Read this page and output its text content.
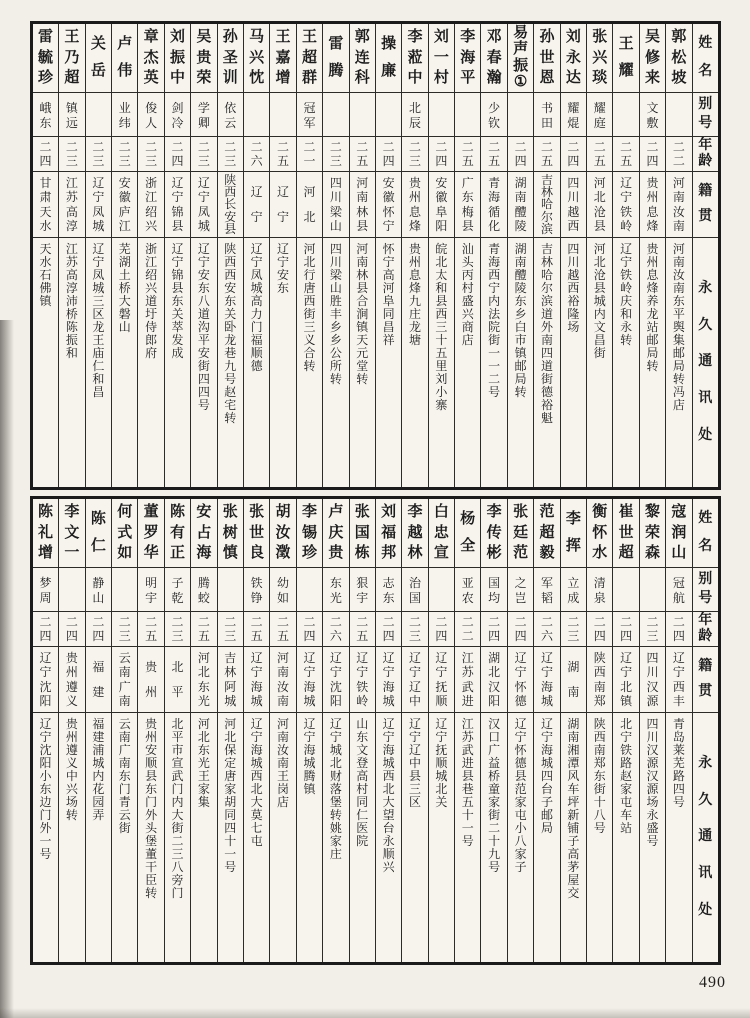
姓
名
别
号
年
龄
籍
贯
永
久
通
讯
处
郭
松
坡
二
二
河
南
汝
南
河
南
汝
南
东
平
舆
集
邮
局
转
冯
店
吴
修
来
文
敷
二
四
贵
州
息
烽
贵
州
息
烽
养
龙
站
邮
局
转
王
耀
二
五
辽
宁
铁
岭
辽
宁
铁
岭
庆
和
永
转
张
兴
琰
耀
庭
二
五
河
北
沧
县
河
北
沧
县
城
内
文
昌
街
刘
永
达
耀
焜
二
四
四
川
越
西
四
川
越
西
裕
隆
场
孙
世
恩
书
田
二
五
吉
林
哈
尔
滨
吉
林
哈
尔
滨
道
外
南
四
道
街
德
裕
魁
易
声
振
①
二
四
湖
南
醴
陵
湖
南
醴
陵
东
乡
白
市
镇
邮
局
转
邓
春
瀚
少
钦
二
五
青
海
循
化
青
海
西
宁
内
法
院
街
一
一
二
号
李
海
平
二
五
广
东
梅
县
汕
头
丙
村
盛
兴
商
店
刘
一
村
二
四
安
徽
阜
阳
皖
北
太
和
县
西
三
十
五
里
刘
小
寨
李
蒞
中
北
辰
二
三
贵
州
息
烽
贵
州
息
烽
九
庄
龙
塘
操
廉
二
四
安
徽
怀
宁
怀
宁
高
河
阜
同
昌
祥
郭
连
科
二
五
河
南
林
县
河
南
林
县
合
涧
镇
天
元
堂
转
雷
腾
二
三
四
川
梁
山
四
川
梁
山
胜
丰
乡
乡
公
所
转
王
超
群
冠
军
二
一
河
北
河
北
行
唐
西
街
三
义
合
转
王
嘉
增
二
五
辽
宁
辽
宁
安
东
马
兴
忱
二
六
辽
宁
辽
宁
凤
城
高
力
门
福
顺
德
孙
圣
训
依
云
二
三
陕
西
长
安
县
陕
西
西
安
东
关
卧
龙
巷
九
号
赵
宅
转
吴
贵
荣
学
卿
二
三
辽
宁
凤
城
辽
宁
安
东
八
道
沟
平
安
街
四
四
号
刘
振
中
剑
冷
二
四
辽
宁
锦
县
辽
宁
锦
县
东
关
萃
发
成
章
杰
英
俊
人
二
三
浙
江
绍
兴
浙
江
绍
兴
道
圩
侍
郎
府
卢
伟
业
纬
二
三
安
徽
庐
江
芜
湖
土
桥
大
磐
山
关
岳
二
三
辽
宁
凤
城
辽
宁
凤
城
三
区
龙
王
庙
仁
和
昌
王
乃
超
镇
远
二
三
江
苏
高
淳
江
苏
高
淳
沛
桥
陈
振
和
雷
毓
珍
峨
东
二
四
甘
肃
天
水
天
水
石
佛
镇
姓
名
别
号
年
龄
籍
贯
永
久
通
讯
处
寇
润
山
冠
航
二
四
辽
宁
西
丰
青
岛
莱
芜
路
四
号
黎
荣
森
二
三
四
川
汉
源
四
川
汉
源
汉
源
场
永
盛
号
崔
世
超
二
四
辽
宁
北
镇
北
宁
铁
路
赵
家
屯
车
站
衡
怀
水
清
泉
二
四
陕
西
南
郑
陕
西
南
郑
东
街
十
八
号
李
挥
立
成
二
三
湖
南
湖
南
湘
潭
风
车
坪
新
铺
子
高
茅
屋
交
范
超
毅
军
韬
二
六
辽
宁
海
城
辽
宁
海
城
四
台
子
邮
局
张
廷
范
之
岂
二
四
辽
宁
怀
德
辽
宁
怀
德
县
范
家
屯
小
八
家
子
李
传
彬
国
均
二
四
湖
北
汉
阳
汉
口
广
益
桥
童
家
街
二
十
九
号
杨
全
亚
农
二
二
江
苏
武
进
江
苏
武
进
县
巷
五
十
一
号
白
忠
宣
二
四
辽
宁
抚
顺
辽
宁
抚
顺
城
北
关
李
越
林
治
国
二
三
辽
宁
辽
中
辽
宁
辽
中
县
三
区
刘
福
邦
志
东
二
四
辽
宁
海
城
辽
宁
海
城
西
北
大
望
台
永
顺
兴
张
国
栋
狠
宇
二
五
辽
宁
铁
岭
山
东
文
登
高
村
同
仁
医
院
卢
庆
贵
东
光
二
六
辽
宁
沈
阳
辽
宁
城
北
财
落
堡
转
姚
家
庄
李
锡
珍
二
四
辽
宁
海
城
辽
宁
海
城
腾
镇
胡
汝
澂
幼
如
二
五
河
南
汝
南
河
南
汝
南
王
岗
店
张
世
良
铁
铮
二
五
辽
宁
海
城
辽
宁
海
城
西
北
大
莫
七
屯
张
树
慎
二
三
吉
林
阿
城
河
北
保
定
唐
家
胡
同
四
十
一
号
安
占
海
腾
蛟
二
五
河
北
东
光
河
北
东
光
王
家
集
陈
有
正
子
乾
二
三
北
平
北
平
市
宣
武
门
内
大
街
二
三
八
旁
门
董
罗
华
明
宇
二
五
贵
州
贵
州
安
顺
县
东
门
外
头
堡
董
干
臣
转
何
式
如
二
三
云
南
广
南
云
南
广
南
东
门
青
云
街
陈
仁
静
山
二
四
福
建
福
建
浦
城
内
花
园
弄
李
文
一
二
四
贵
州
遵
义
贵
州
遵
义
中
兴
场
转
陈
礼
增
梦
周
二
四
辽
宁
沈
阳
辽
宁
沈
阳
小
东
边
门
外
一
号
490
